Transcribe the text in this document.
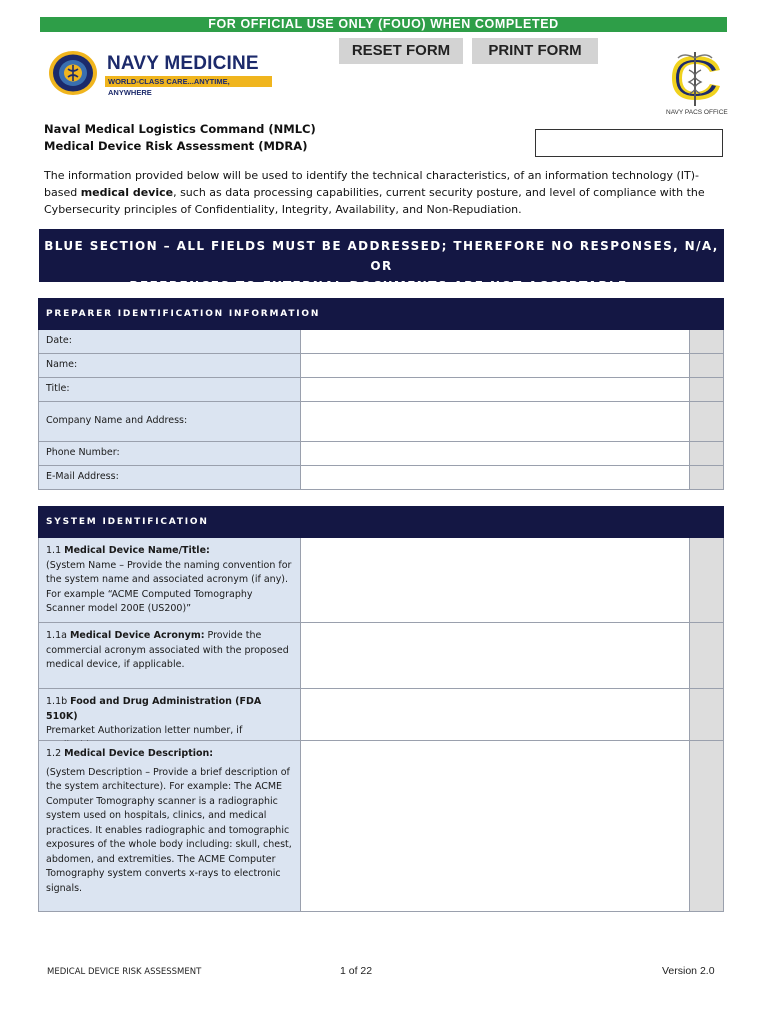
FOR OFFICIAL USE ONLY (FOUO) WHEN COMPLETED
RESET FORM	PRINT FORM
NAVY MEDICINE
WORLD-CLASS CARE...ANYTIME, ANYWHERE
NAVY PACS OFFICE
Naval Medical Logistics Command (NMLC)
Medical Device Risk Assessment (MDRA)
The information provided below will be used to identify the technical characteristics, of an information technology (IT)-based medical device, such as data processing capabilities, current security posture, and level of compliance with the Cybersecurity principles of Confidentiality, Integrity, Availability, and Non-Repudiation.
BLUE SECTION – ALL FIELDS MUST BE ADDRESSED; THEREFORE NO RESPONSES, N/A, OR
REFERENCES TO EXTERNAL DOCUMENTS ARE NOT ACCEPTABLE.
PREPARER IDENTIFICATION INFORMATION
Date:
Name:
Title:
Company Name and Address:
Phone Number:
E-Mail Address:
SYSTEM IDENTIFICATION

1.1 Medical Device Name/Title:

(System Name – Provide the naming convention for the system name and associated acronym (if any). For example “ACME Computed Tomography Scanner model 200E (US200)”

1.1a Medical Device Acronym: Provide the commercial acronym associated with the proposed medical device, if applicable.

1.1b Food and Drug Administration (FDA 510K)

Premarket Authorization letter number, if

1.2 Medical Device Description:

(System Description – Provide a brief description of the system architecture). For example: The ACME Computer Tomography scanner is a radiographic system used on hospitals, clinics, and medical practices. It enables radiographic and tomographic exposures of the whole body including: skull, chest, abdomen, and extremities. The ACME Computer Tomography system converts x-rays to electronic signals.

MEDICAL DEVICE RISK ASSESSMENT	1 of 22	Version 2.0
